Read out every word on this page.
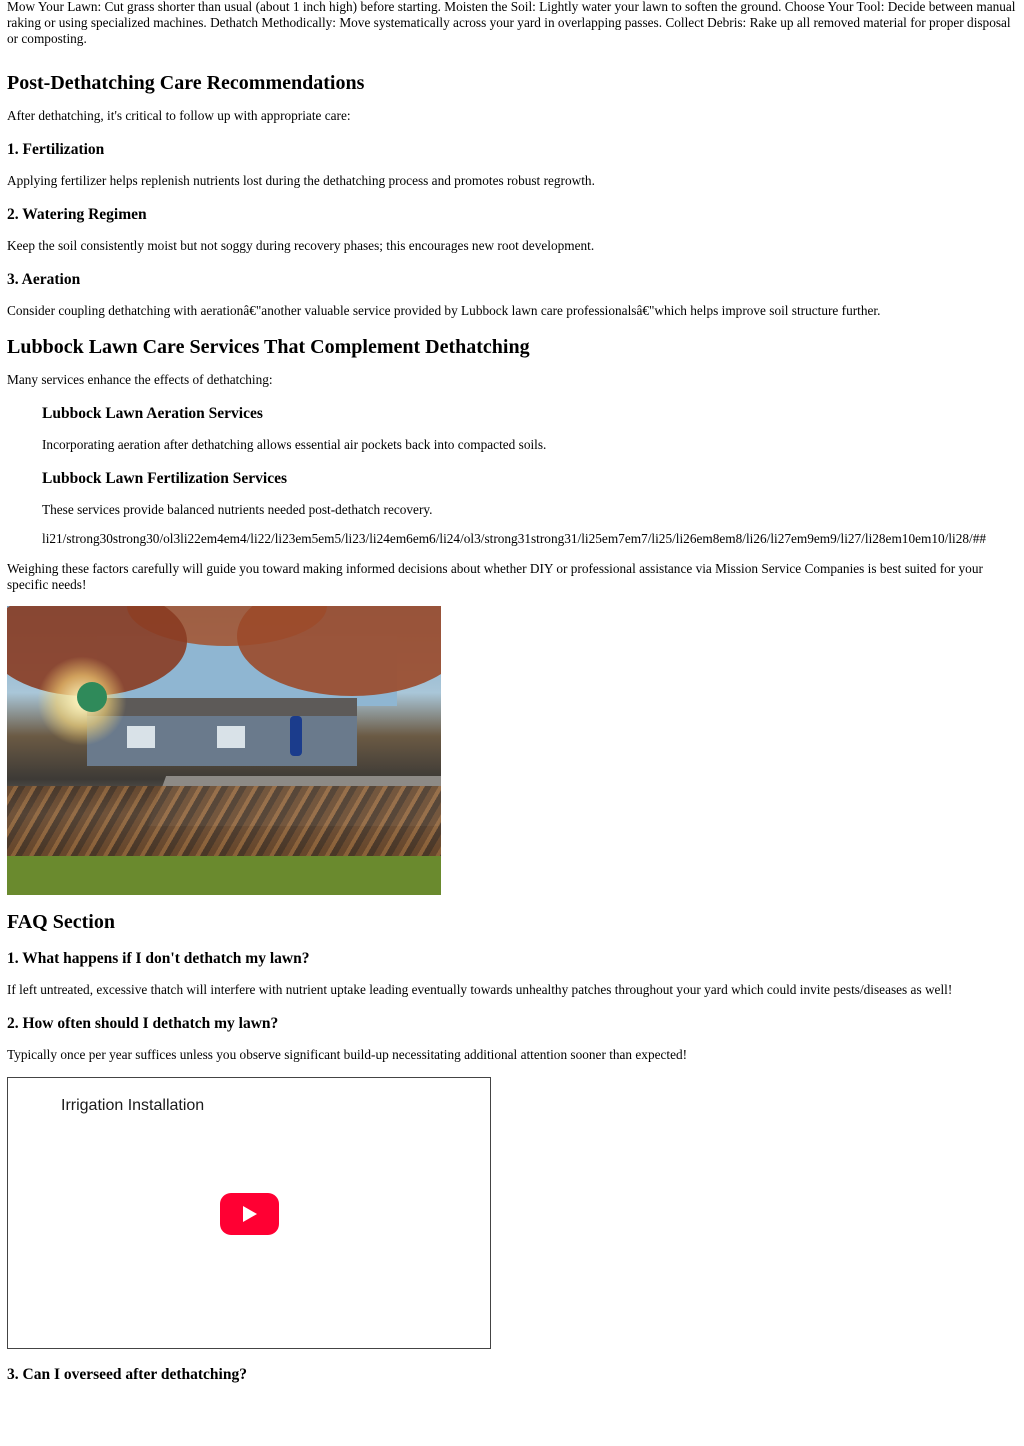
Mow Your Lawn: Cut grass shorter than usual (about 1 inch high) before starting. Moisten the Soil: Lightly water your lawn to soften the ground. Choose Your Tool: Decide between manual raking or using specialized machines. Dethatch Methodically: Move systematically across your yard in overlapping passes. Collect Debris: Rake up all removed material for proper disposal or composting.

Post-Dethatching Care Recommendations

After dethatching, it's critical to follow up with appropriate care:

1. Fertilization

Applying fertilizer helps replenish nutrients lost during the dethatching process and promotes robust regrowth.

2. Watering Regimen

Keep the soil consistently moist but not soggy during recovery phases; this encourages new root development.

3. Aeration

Consider coupling dethatching with aerationâ€"another valuable service provided by Lubbock lawn care professionalsâ€"which helps improve soil structure further.

Lubbock Lawn Care Services That Complement Dethatching

Many services enhance the effects of dethatching:

Lubbock Lawn Aeration Services

Incorporating aeration after dethatching allows essential air pockets back into compacted soils.

Lubbock Lawn Fertilization Services

These services provide balanced nutrients needed post-dethatch recovery.

li21/strong30strong30/ol3li22em4em4/li22/li23em5em5/li23/li24em6em6/li24/ol3/strong31strong31/li25em7em7/li25/li26em8em8/li26/li27em9em9/li27/li28em10em10/li28/##

Weighing these factors carefully will guide you toward making informed decisions about whether DIY or professional assistance via Mission Service Companies is best suited for your specific needs!

FAQ Section
1. What happens if I don't dethatch my lawn?

If left untreated, excessive thatch will interfere with nutrient uptake leading eventually towards unhealthy patches throughout your yard which could invite pests/diseases as well!

2. How often should I dethatch my lawn?

Typically once per year suffices unless you observe significant build-up necessitating additional attention sooner than expected!

Irrigation Installation
3. Can I overseed after dethatching?
